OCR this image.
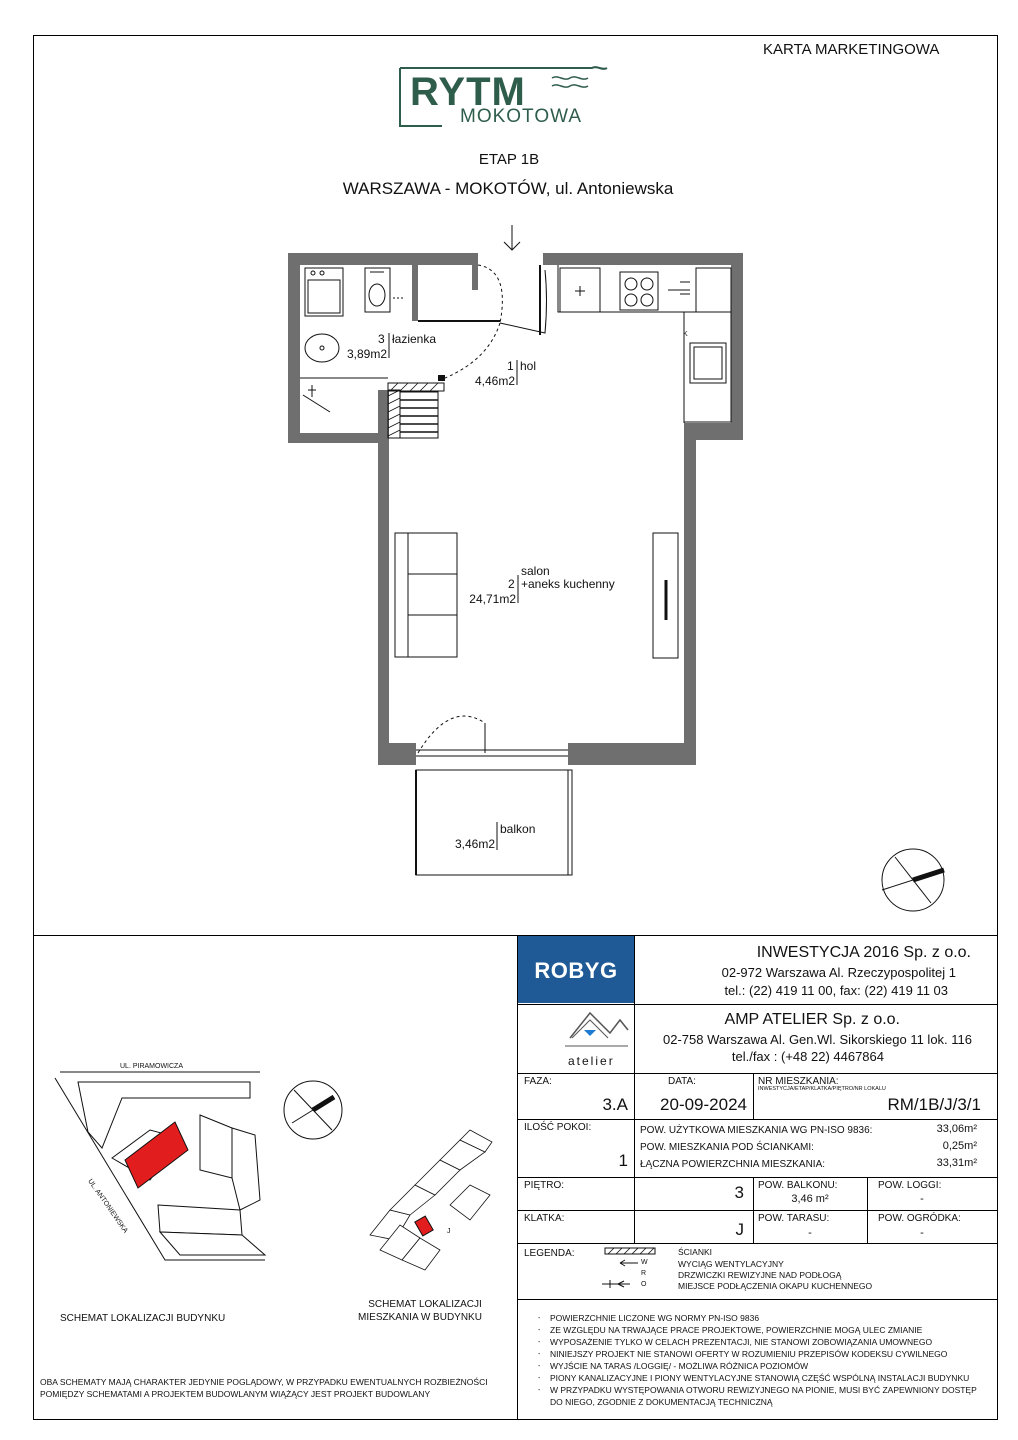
KARTA MARKETINGOWA
RYTM
MOKOTOWA
ETAP 1B
WARSZAWA - MOKOTÓW, ul. Antoniewska
K
3 łazienka
3,89m2
1 hol
4,46m2
salon
2 +aneks kuchenny
24,71m2
balkon
3,46m2
ROBYG
INWESTYCJA 2016 Sp. z o.o.
02-972 Warszawa Al. Rzeczypospolitej 1
tel.: (22) 419 11 00, fax: (22) 419 11 03
atelier
AMP ATELIER Sp. z o.o.
02-758 Warszawa Al. Gen.Wl. Sikorskiego 11 lok. 116
tel./fax : (+48 22) 4467864
FAZA:
3.A
DATA:
20-09-2024
NR MIESZKANIA:
INWESTYCJA/ETAP/KLATKA/PIĘTRO/NR LOKALU
RM/1B/J/3/1
ILOŚĆ POKOI:
1
POW. UŻYTKOWA MIESZKANIA WG PN-ISO 9836:	33,06m²
POW. MIESZKANIA POD ŚCIANKAMI:	0,25m²
ŁĄCZNA POWIERZCHNIA MIESZKANIA:	33,31m²
PIĘTRO:	3 POW. BALKONU:
3,46 m²
POW. LOGGI:
-
KLATKA:
J
POW. TARASU:
-
POW. OGRÓDKA:
-
LEGENDA:
W
R
O
ŚCIANKI
WYCIĄG WENTYLACYJNY
DRZWICZKI REWIZYJNE NAD PODŁOGĄ
MIEJSCE PODŁĄCZENIA OKAPU KUCHENNEGO
- POWIERZCHNIE LICZONE WG NORMY PN-ISO 9836
- ZE WZGLĘDU NA TRWAJĄCE PRACE PROJEKTOWE, POWIERZCHNIE MOGĄ ULEC ZMIANIE
- WYPOSAŻENIE TYLKO W CELACH PREZENTACJI, NIE STANOWI ZOBOWIĄZANIA UMOWNEGO
- NINIEJSZY PROJEKT NIE STANOWI OFERTY W ROZUMIENIU PRZEPISÓW KODEKSU CYWILNEGO
- WYJŚCIE NA TARAS /LOGGIĘ/ - MOŻLIWA RÓŻNICA POZIOMÓW
- PIONY KANALIZACYJNE I PIONY WENTYLACYJNE STANOWIĄ CZĘŚĆ WSPÓLNĄ INSTALACJI BUDYNKU
- W PRZYPADKU WYSTĘPOWANIA OTWORU REWIZYJNEGO NA PIONIE, MUSI BYĆ ZAPEWNIONY DOSTĘP
DO NIEGO, ZGODNIE Z DOKUMENTACJĄ TECHNICZNĄ
UL. PIRAMOWICZA
UL. ANTONIEWSKA	J
SCHEMAT LOKALIZACJI BUDYNKU
SCHEMAT LOKALIZACJI
MIESZKANIA W BUDYNKU
OBA SCHEMATY MAJĄ CHARAKTER JEDYNIE POGLĄDOWY, W PRZYPADKU EWENTUALNYCH ROZBIEŻNOŚCI
POMIĘDZY SCHEMATAMI A PROJEKTEM BUDOWLANYM WIĄŻĄCY JEST PROJEKT BUDOWLANY
